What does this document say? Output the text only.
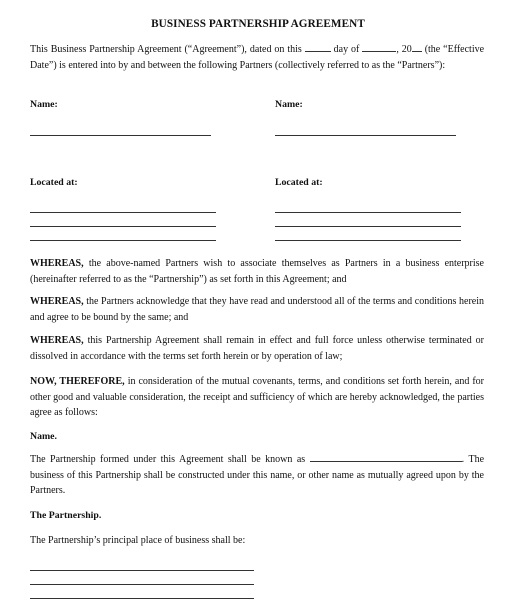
BUSINESS PARTNERSHIP AGREEMENT

This Business Partnership Agreement (“Agreement”), dated on this	day of	, 20 (the “Effective Date”) is entered into by and between the following Partners (collectively referred to as the “Partners”):

Name:	Name:
Located at:	Located at:

WHEREAS, the above-named Partners wish to associate themselves as Partners in a business enterprise (hereinafter referred to as the “Partnership”) as set forth in this Agreement; and

WHEREAS, the Partners acknowledge that they have read and understood all of the terms and conditions herein and agree to be bound by the same; and

WHEREAS, this Partnership Agreement shall remain in effect and full force unless otherwise terminated or dissolved in accordance with the terms set forth herein or by operation of law;

NOW, THEREFORE, in consideration of the mutual covenants, terms, and conditions set forth herein, and for other good and valuable consideration, the receipt and sufficiency of which are hereby acknowledged, the parties agree as follows:

Name.

The Partnership formed under this Agreement shall be known as	. The business of this Partnership shall be constructed under this name, or other name as mutually agreed upon by the Partners.

The Partnership.

The Partnership’s principal place of business shall be:
